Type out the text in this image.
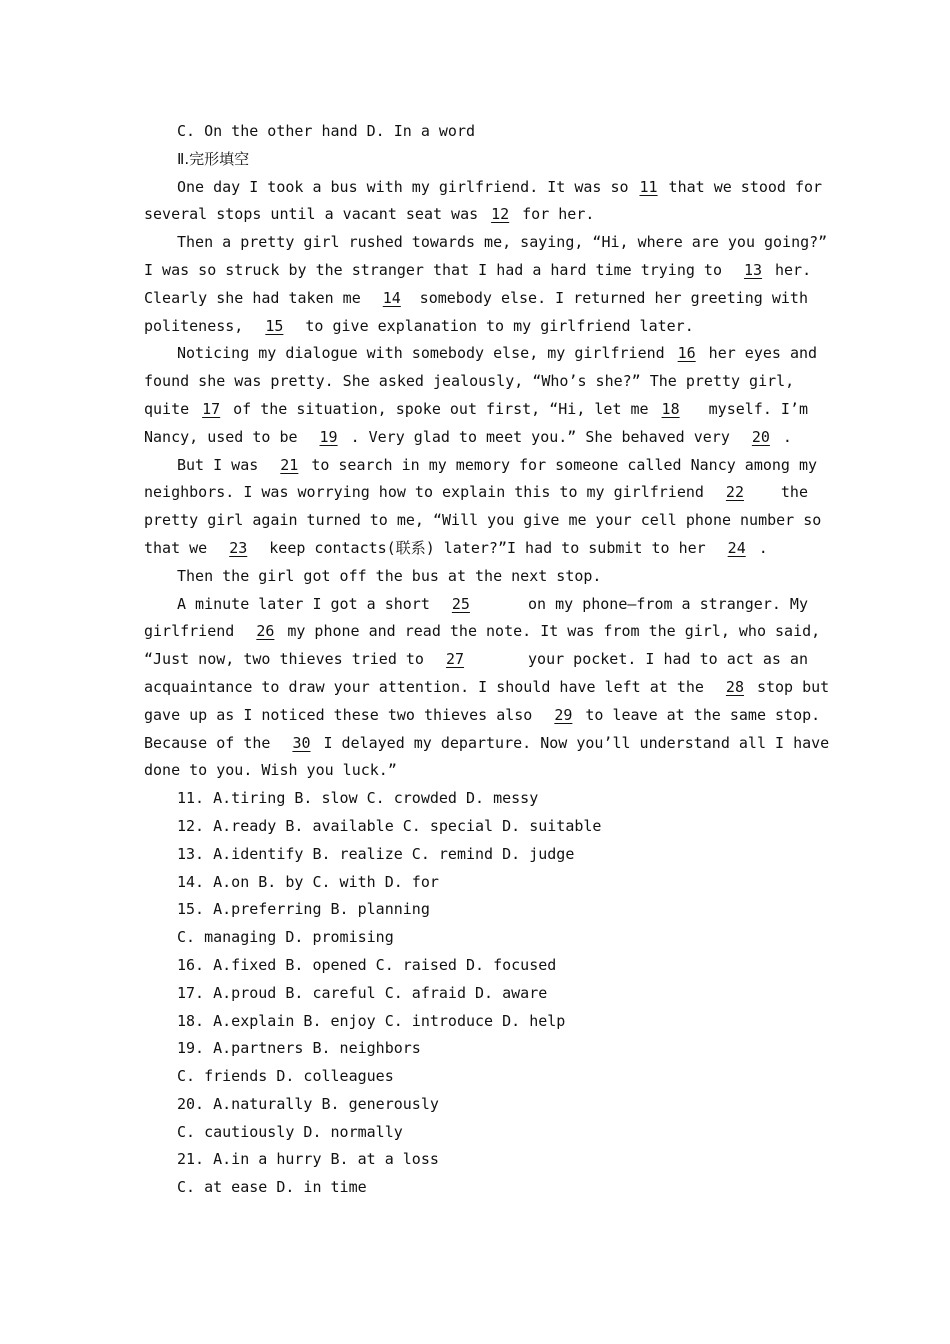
C. On the other hand D. In a word
Ⅱ.完形填空
One day I took a bus with my girlfriend. It was so 11 that we stood for
several stops until a vacant seat was 12 for her.
Then a pretty girl rushed towards me, saying, “Hi, where are you going?”
I was so struck by the stranger that I had a hard time trying to 13 her.
Clearly she had taken me 14	somebody else. I returned her greeting with
politeness, 15 to give explanation to my girlfriend later.
Noticing my dialogue with somebody else, my girlfriend 16 her eyes and
found she was pretty. She asked jealously, “Who’s she?” The pretty girl,
quite 17 of the situation, spoke out first, “Hi, let me 18	myself. I’m
Nancy, used to be 19 . Very glad to meet you.” She behaved very 20 .
But I was 21 to search in my memory for someone called Nancy among my
neighbors. I was worrying how to explain this to my girlfriend 22	the
pretty girl again turned to me, “Will you give me your cell phone number so
that we 23 keep contacts(联系) later?”I had to submit to her 24 .
Then the girl got off the bus at the next stop.
A minute later I got a short 25	on my phone—from a stranger. My
girlfriend 26 my phone and read the note. It was from the girl, who said,
“Just now, two thieves tried to 27	your pocket. I had to act as an
acquaintance to draw your attention. I should have left at the 28 stop but
gave up as I noticed these two thieves also 29 to leave at the same stop.
Because of the 30 I delayed my departure. Now you’ll understand all I have
done to you. Wish you luck.”
11. A.tiring B. slow C. crowded D. messy
12. A.ready B. available C. special D. suitable
13. A.identify B. realize C. remind D. judge
14. A.on B. by C. with D. for
15. A.preferring B. planning
C. managing D. promising
16. A.fixed B. opened C. raised D. focused
17. A.proud B. careful C. afraid D. aware
18. A.explain B. enjoy C. introduce D. help
19. A.partners B. neighbors
C. friends D. colleagues
20. A.naturally B. generously
C. cautiously D. normally
21. A.in a hurry B. at a loss
C. at ease D. in time
